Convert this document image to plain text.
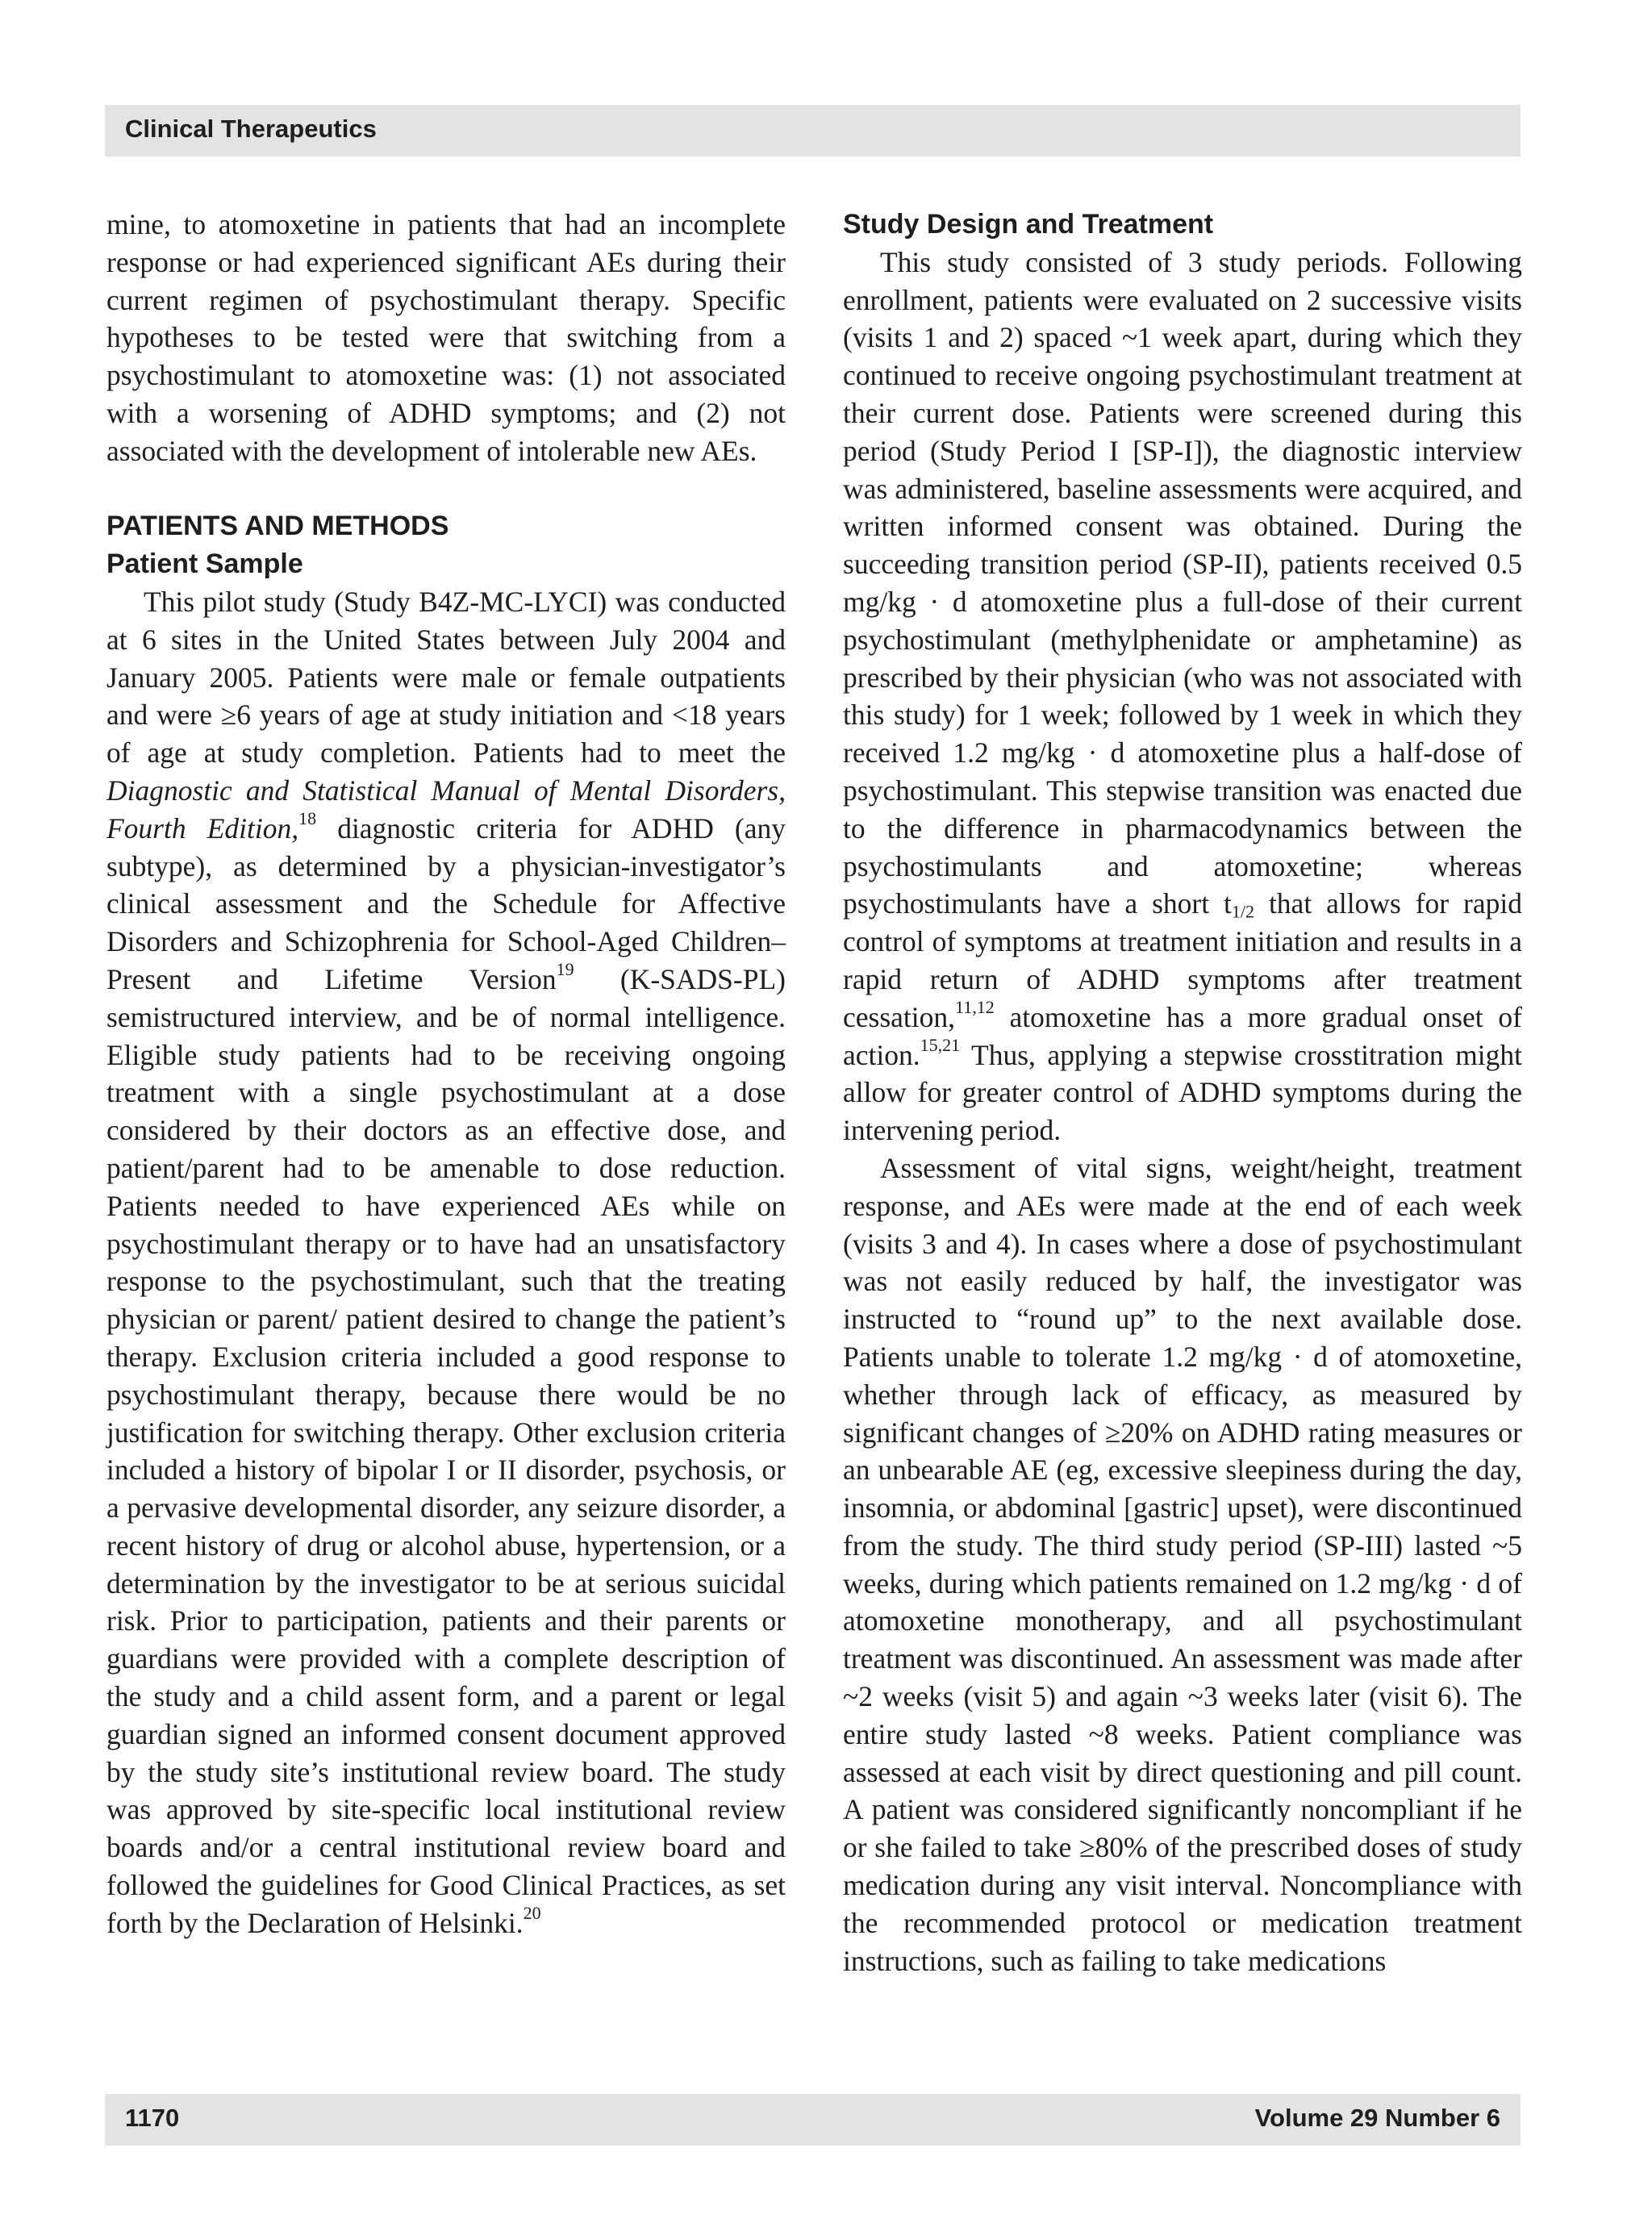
Clinical Therapeutics

mine, to atomoxetine in patients that had an incomplete response or had experienced significant AEs during their current regimen of psychostimulant therapy. Specific hypotheses to be tested were that switching from a psychostimulant to atomoxetine was: (1) not associated with a worsening of ADHD symptoms; and (2) not associated with the development of intolerable new AEs.

PATIENTS AND METHODS

Patient Sample

This pilot study (Study B4Z-MC-LYCI) was conducted at 6 sites in the United States between July 2004 and January 2005. Patients were male or female outpatients and were ≥6 years of age at study initiation and <18 years of age at study completion. Patients had to meet the Diagnostic and Statistical Manual of Mental Disorders, Fourth Edition,$^{18}$ diagnostic criteria for ADHD (any subtype), as determined by a physician-investigator’s clinical assessment and the Schedule for Affective Disorders and Schizophrenia for School-Aged Children–Present and Lifetime Version$^{19}$ (K-SADS-PL) semistructured interview, and be of normal intelligence. Eligible study patients had to be receiving ongoing treatment with a single psychostimulant at a dose considered by their doctors as an effective dose, and patient/parent had to be amenable to dose reduction. Patients needed to have experienced AEs while on psychostimulant therapy or to have had an unsatisfactory response to the psychostimulant, such that the treating physician or parent/ patient desired to change the patient’s therapy. Exclusion criteria included a good response to psychostimulant therapy, because there would be no justification for switching therapy. Other exclusion criteria included a history of bipolar I or II disorder, psychosis, or a pervasive developmental disorder, any seizure disorder, a recent history of drug or alcohol abuse, hypertension, or a determination by the investigator to be at serious suicidal risk. Prior to participation, patients and their parents or guardians were provided with a complete description of the study and a child assent form, and a parent or legal guardian signed an informed consent document approved by the study site’s institutional review board. The study was approved by site-specific local institutional review boards and/or a central institutional review board and followed the guidelines for Good Clinical Practices, as set forth by the Declaration of Helsinki.$^{20}$

Study Design and Treatment

This study consisted of 3 study periods. Following enrollment, patients were evaluated on 2 successive visits (visits 1 and 2) spaced ~1 week apart, during which they continued to receive ongoing psychostimulant treatment at their current dose. Patients were screened during this period (Study Period I [SP-I]), the diagnostic interview was administered, baseline assessments were acquired, and written informed consent was obtained. During the succeeding transition period (SP-II), patients received 0.5 mg/kg · d atomoxetine plus a full-dose of their current psychostimulant (methylphenidate or amphetamine) as prescribed by their physician (who was not associated with this study) for 1 week; followed by 1 week in which they received 1.2 mg/kg · d atomoxetine plus a half-dose of psychostimulant. This stepwise transition was enacted due to the difference in pharmacodynamics between the psychostimulants and atomoxetine; whereas psychostimulants have a short $t_{1/2}$ that allows for rapid control of symptoms at treatment initiation and results in a rapid return of ADHD symptoms after treatment cessation,$^{11,12}$ atomoxetine has a more gradual onset of action.$^{15,21}$ Thus, applying a stepwise crosstitration might allow for greater control of ADHD symptoms during the intervening period.

Assessment of vital signs, weight/height, treatment response, and AEs were made at the end of each week (visits 3 and 4). In cases where a dose of psychostimulant was not easily reduced by half, the investigator was instructed to “round up” to the next available dose. Patients unable to tolerate 1.2 mg/kg · d of atomoxetine, whether through lack of efficacy, as measured by significant changes of ≥20% on ADHD rating measures or an unbearable AE (eg, excessive sleepiness during the day, insomnia, or abdominal [gastric] upset), were discontinued from the study. The third study period (SP-III) lasted ~5 weeks, during which patients remained on 1.2 mg/kg · d of atomoxetine monotherapy, and all psychostimulant treatment was discontinued. An assessment was made after ~2 weeks (visit 5) and again ~3 weeks later (visit 6). The entire study lasted ~8 weeks. Patient compliance was assessed at each visit by direct questioning and pill count. A patient was considered significantly noncompliant if he or she failed to take ≥80% of the prescribed doses of study medication during any visit interval. Noncompliance with the recommended protocol or medication treatment instructions, such as failing to take medications

1170	Volume 29 Number 6
